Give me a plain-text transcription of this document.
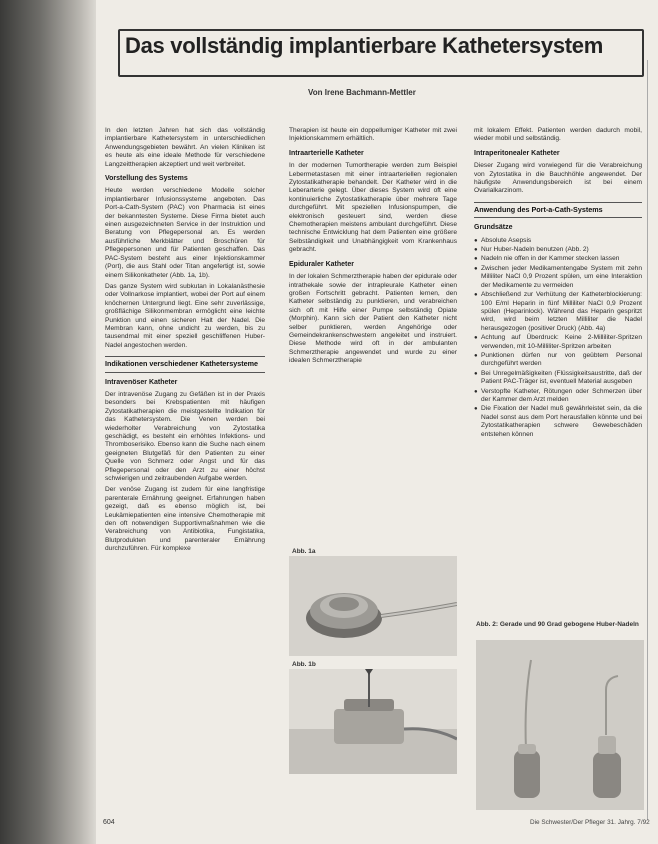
Das vollständig implantierbare Kathetersystem
Von Irene Bachmann-Mettler

In den letzten Jahren hat sich das vollständig implantierbare Kathetersystem in unterschiedlichen Anwendungsgebieten bewährt. An vielen Kliniken ist es heute als eine ideale Methode für verschiedene Langzeittherapien akzeptiert und weit verbreitet.

Vorstellung des Systems

Heute werden verschiedene Modelle solcher implantierbarer Infusionssysteme angeboten. Das Port-a-Cath-System (PAC) von Pharmacia ist eines der bekanntesten Systeme. Diese Firma bietet auch einen ausgezeichneten Service in der Instruktion und Beratung von Pflegepersonal an. Es werden ausführliche Merkblätter und Broschüren für Pflegepersonen und für Patienten geschaffen. Das PAC-System besteht aus einer Injektionskammer (Port), die aus Stahl oder Titan angefertigt ist, sowie einem Silikonkatheter (Abb. 1a, 1b).

Das ganze System wird subkutan in Lokalanästhesie oder Vollnarkose implantiert, wobei der Port auf einem knöchernen Untergrund liegt. Eine sehr zuverlässige, großflächige Silikonmembran ermöglicht eine leichte Punktion und einen sicheren Halt der Nadel. Die Membran kann, ohne undicht zu werden, bis zu tausendmal mit einer speziell geschliffenen Huber-Nadel angestochen werden.

Indikationen verschiedener Kathetersysteme
Intravenöser Katheter

Der intravenöse Zugang zu Gefäßen ist in der Praxis besonders bei Krebspatienten mit häufigen Zytostatikatherapien die meistgestellte Indikation für das Kathetersystem. Die Venen werden bei wiederholter Verabreichung von Zytostatika geschädigt, es besteht ein erhöhtes Infektions- und Thromboserisiko. Ebenso kann die Suche nach einem geeigneten Blutgefäß für den Patienten zu einer Quelle von Schmerz oder Angst und für das Pflegepersonal oder den Arzt zu einer höchst schwierigen und zeitraubenden Aufgabe werden.

Der venöse Zugang ist zudem für eine langfristige parenterale Ernährung geeignet. Erfahrungen haben gezeigt, daß es ebenso möglich ist, bei Leukämiepatienten eine intensive Chemotherapie mit den oft notwendigen Supportivmaßnahmen wie die Verabreichung von Antibiotika, Fungistatika, Blutprodukten und parenteraler Ernährung durchzuführen. Für komplexe

Therapien ist heute ein doppellumiger Katheter mit zwei Injektionskammern erhältlich.

Intraarterielle Katheter

In der modernen Tumortherapie werden zum Beispiel Lebermetastasen mit einer intraarteriellen regionalen Zytostatikatherapie behandelt. Der Katheter wird in die Leberarterie gelegt. Über dieses System wird oft eine kontinuierliche Zytostatikatherapie über mehrere Tage durchgeführt. Mit speziellen Infusionspumpen, die elektronisch gesteuert sind, werden diese Chemotherapien meistens ambulant durchgeführt. Diese technische Entwicklung hat dem Patienten eine größere Selbständigkeit und Unabhängigkeit vom Krankenhaus gebracht.

Epiduraler Katheter

In der lokalen Schmerztherapie haben der epidurale oder intrathekale sowie der intrapleurale Katheter einen großen Fortschritt gebracht. Patienten lernen, den Katheter selbständig zu punktieren, und verabreichen sich oft mit Hilfe einer Pumpe selbständig Opiate (Morphin). Kann sich der Patient den Katheter nicht selber punktieren, werden Angehörige oder Gemeindekrankenschwestern angeleitet und instruiert. Diese Methode wird oft in der ambulanten Schmerztherapie angewendet und wurde zu einer idealen Schmerztherapie

Abb. 1a
Abb. 1b

mit lokalem Effekt. Patienten werden dadurch mobil, wieder mobil und selbständig.

Intraperitonealer Katheter

Dieser Zugang wird vorwiegend für die Verabreichung von Zytostatika in die Bauchhöhle angewendet. Der häufigste Anwendungsbereich ist bei einem Ovarialkarzinom.

Anwendung des Port-a-Cath-Systems
Grundsätze
● Absolute Asepsis
● Nur Huber-Nadeln benutzen (Abb. 2)
● Nadeln nie offen in der Kammer stecken lassen
● Zwischen jeder Medikamentengabe System mit zehn Milliliter NaCl 0,9 Prozent spülen, um eine Interaktion der Medikamente zu vermeiden
● Abschließend zur Verhütung der Katheterblockierung: 100 E/ml Heparin in fünf Milliliter NaCl 0,9 Prozent spülen (Heparinlock). Während das Heparin gespritzt wird, wird beim letzten Milliliter die Nadel herausgezogen (positiver Druck) (Abb. 4a)
● Achtung auf Überdruck: Keine 2-Milliliter-Spritzen verwenden, mit 10-Milliliter-Spritzen arbeiten
● Punktionen dürfen nur von geübtem Personal durchgeführt werden
● Bei Unregelmäßigkeiten (Flüssigkeitsaustritte, daß der Patient PAC-Träger ist, eventuell Material ausgeben
● Verstopfte Katheter, Rötungen oder Schmerzen über der Kammer dem Arzt melden
● Die Fixation der Nadel muß gewährleistet sein, da die Nadel sonst aus dem Port herausfallen könnte und bei Zytostatikatherapien schwere Gewebeschäden entstehen können
Abb. 2: Gerade und 90 Grad gebogene Huber-Nadeln
604	Die Schwester/Der Pfleger 31. Jahrg. 7/92
